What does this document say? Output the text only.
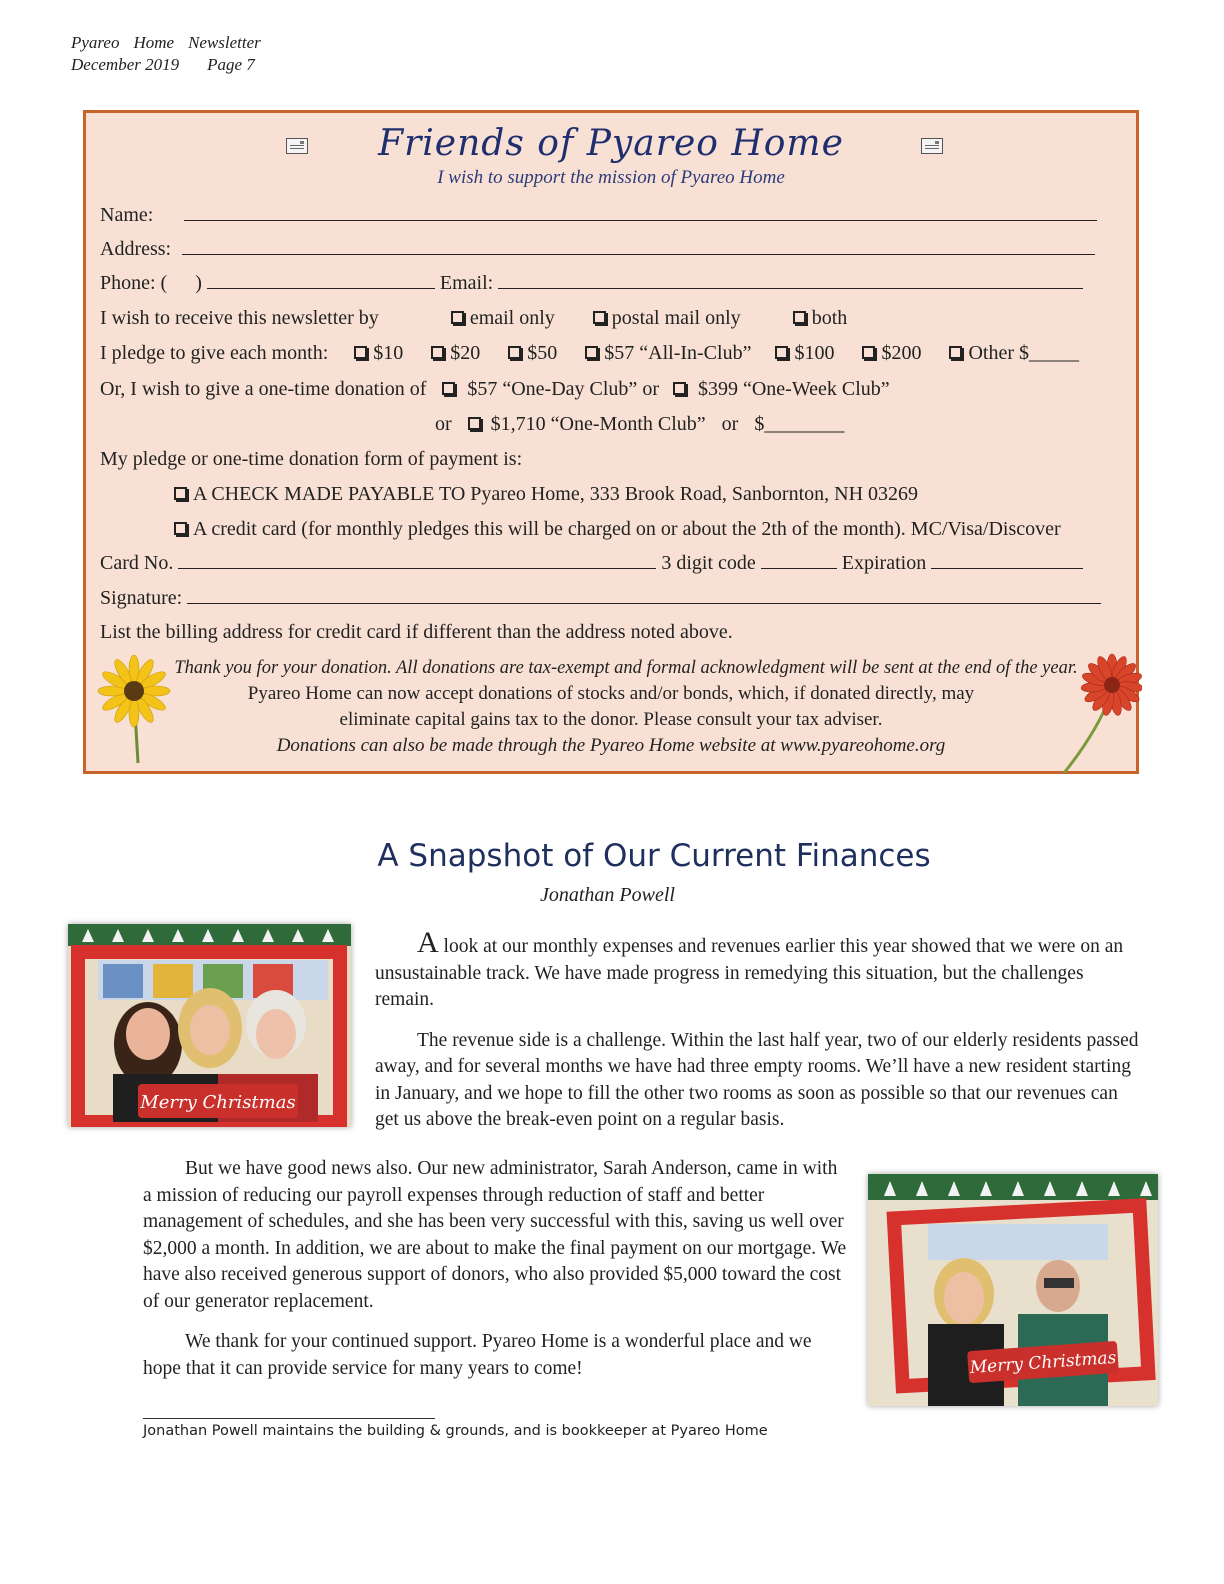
Pyareo Home Newsletter
December 2019 Page 7
Friends of Pyareo Home
I wish to support the mission of Pyareo Home
Name:
Address:
Phone: ( )	Email:
I wish to receive this newsletter by	email only	postal mail only	both
I pledge to give each month: $10 $20 $50 $57 “All-In-Club” $100 $200 Other $_____
Or, I wish to give a one-time donation of $57 “One-Day Club” or $399 “One-Week Club”
or $1,710 “One-Month Club” or $________
My pledge or one-time donation form of payment is:
A CHECK MADE PAYABLE TO Pyareo Home, 333 Brook Road, Sanbornton, NH 03269
A credit card (for monthly pledges this will be charged on or about the 2th of the month). MC/Visa/Discover
Card No.	3 digit code	Expiration
Signature:
List the billing address for credit card if different than the address noted above.
Thank you for your donation. All donations are tax-exempt and formal acknowledgment will be sent at the end of the year.
Pyareo Home can now accept donations of stocks and/or bonds, which, if donated directly, may
eliminate capital gains tax to the donor. Please consult your tax adviser.
Donations can also be made through the Pyareo Home website at www.pyareohome.org
A Snapshot of Our Current Finances
Jonathan Powell
Merry Christmas

A look at our monthly expenses and revenues earlier this year showed that we were on an unsustainable track. We have made progress in remedying this situation, but the challenges remain.

The revenue side is a challenge. Within the last half year, two of our elderly residents passed away, and for several months we have had three empty rooms. We’ll have a new resident starting in January, and we hope to fill the other two rooms as soon as possible so that our revenues can get us above the break-even point on a regular basis.

But we have good news also. Our new administrator, Sarah Anderson, came in with a mission of reducing our payroll expenses through reduction of staff and better management of schedules, and she has been very successful with this, saving us well over $2,000 a month. In addition, we are about to make the final payment on our mortgage. We have also received generous support of donors, who also provided $5,000 toward the cost of our generator replacement.

We thank for your continued support. Pyareo Home is a wonderful place and we hope that it can provide service for many years to come!	Merry Christmas
Jonathan Powell maintains the building & grounds, and is bookkeeper at Pyareo Home
